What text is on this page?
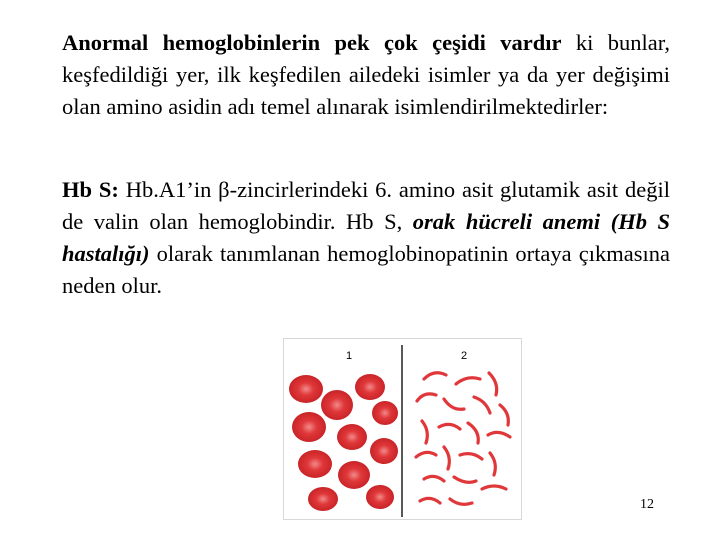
Anormal hemoglobinlerin pek çok çeşidi vardır ki bunlar, keşfedildiği yer, ilk keşfedilen ailedeki isimler ya da yer değişimi olan amino asidin adı temel alınarak isimlendirilmektedirler:

Hb S: Hb.A1’in β-zincirlerindeki 6. amino asit glutamik asit değil de valin olan hemoglobindir. Hb S, orak hücreli anemi (Hb S hastalığı) olarak tanımlanan hemoglobinopatinin ortaya çıkmasına neden olur.

1	2
12
